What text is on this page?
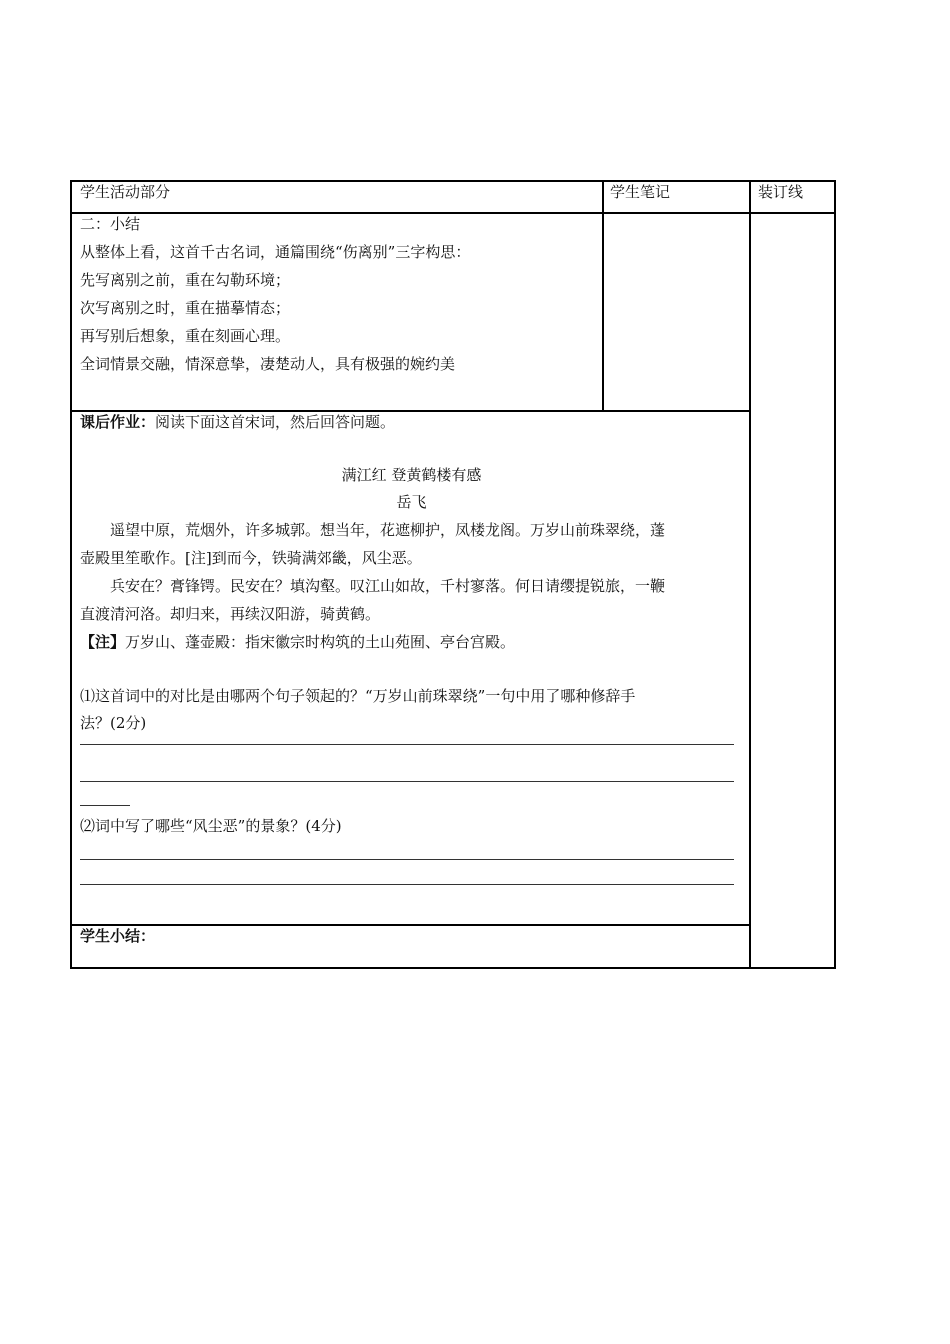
学生活动部分	学生笔记	装订线
二：小结
从整体上看，这首千古名词，通篇围绕“伤离别”三字构思：
先写离别之前，重在勾勒环境；
次写离别之时，重在描摹情态；
再写别后想象，重在刻画心理。
全词情景交融，情深意挚，凄楚动人，具有极强的婉约美
课后作业：阅读下面这首宋词，然后回答问题。
满江红 登黄鹤楼有感
岳飞
遥望中原，荒烟外，许多城郭。想当年，花遮柳护，凤楼龙阁。万岁山前珠翠绕，蓬
壶殿里笙歌作。[注]到而今，铁骑满郊畿，风尘恶。
兵安在？膏锋锷。民安在？填沟壑。叹江山如故，千村寥落。何日请缨提锐旅，一鞭
直渡清河洛。却归来，再续汉阳游，骑黄鹤。
【注】万岁山、蓬壶殿：指宋徽宗时构筑的土山苑囿、亭台宫殿。
⑴这首词中的对比是由哪两个句子领起的？“万岁山前珠翠绕”一句中用了哪种修辞手
法？(2分)
⑵词中写了哪些“风尘恶”的景象？(4分)
学生小结：
